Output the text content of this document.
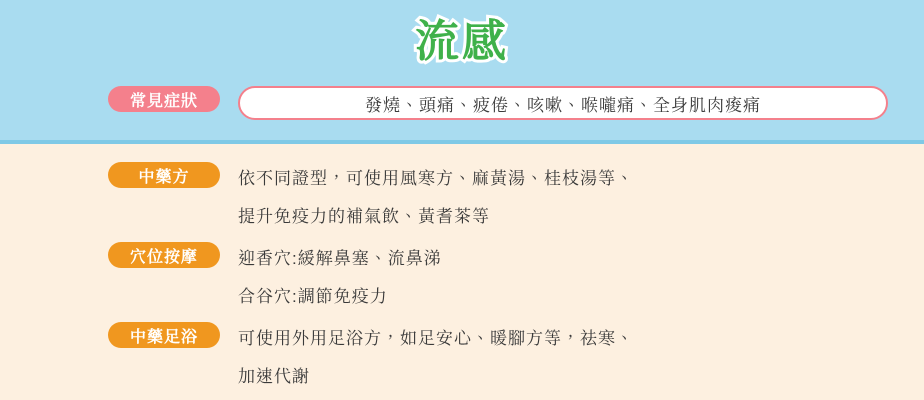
流感
常見症狀	發燒、頭痛、疲倦、咳嗽、喉嚨痛、全身肌肉痠痛
中藥方	依不同證型，可使用風寒方、麻黃湯、桂枝湯等、
提升免疫力的補氣飲、黃耆茶等
穴位按摩	迎香穴:緩解鼻塞、流鼻涕
合谷穴:調節免疫力
中藥足浴	可使用外用足浴方，如足安心、暖腳方等，祛寒、
加速代謝
